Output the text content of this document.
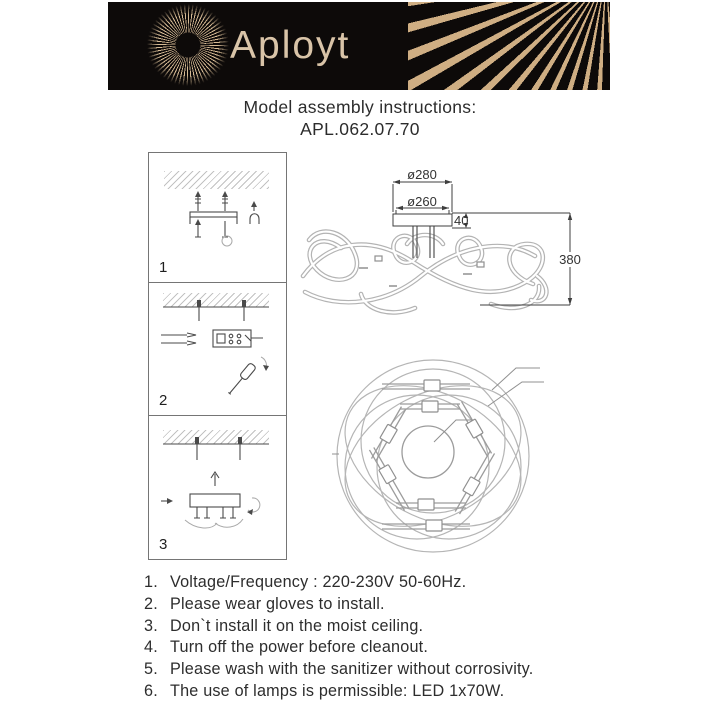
Aployt
Model assembly instructions:
APL.062.07.70
1
2
3
ø280
ø260
40
380
1. Voltage/Frequency : 220-230V 50-60Hz.
2. Please wear gloves to install.
3. Don`t install it on the moist ceiling.
4. Turn off the power before cleanout.
5. Please wash with the sanitizer without corrosivity.
6. The use of lamps is permissible: LED 1x70W.
